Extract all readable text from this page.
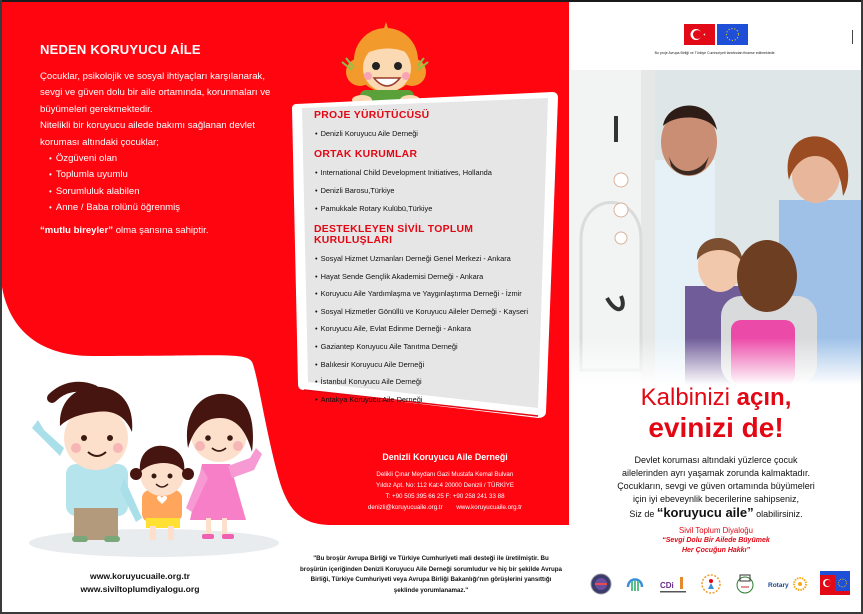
NEDEN KORUYUCU AİLE

Çocuklar, psikolojik ve sosyal ihtiyaçları karşılanarak, sevgi ve güven dolu bir aile ortamında, korunmaları ve büyümeleri gerekmektedir.

Nitelikli bir koruyucu ailede bakımı sağlanan devlet koruması altındaki çocuklar;

• Özgüveni olan
• Toplumla uyumlu
• Sorumluluk alabilen
• Anne / Baba rolünü öğrenmiş

“mutlu bireyler” olma şansına sahiptir.

www.koruyucuaile.org.tr
www.siviltoplumdiyalogu.org
PROJE YÜRÜTÜCÜSÜ
• Denizli Koruyucu Aile Derneği
ORTAK KURUMLAR
• International Child Development Initiatives, Hollanda
• Denizli Barosu,Türkiye
• Pamukkale Rotary Kulübü,Türkiye
DESTEKLEYEN SİVİL TOPLUM KURULUŞLARI
• Sosyal Hizmet Uzmanları Derneği Genel Merkezi - Ankara
• Hayat Sende Gençlik Akademisi Derneği - Ankara
• Koruyucu Aile Yardımlaşma ve Yaygınlaştırma Derneği - İzmir
• Sosyal Hizmetler Gönüllü ve Koruyucu Aileler Derneği - Kayseri
• Koruyucu Aile, Evlat Edinme Derneği - Ankara
• Gaziantep Koruyucu Aile Tanıtma Derneği
• Balıkesir Koruyucu Aile Derneği
• İstanbul Koruyucu Aile Derneği
• Antakya Koruyucu Aile Derneği
Denizli Koruyucu Aile Derneği
Delikli Çınar Meydanı Gazi Mustafa Kemal Bulvarı
Yıldız Apt. No: 112 Kat:4 20000 Denizli / TÜRKİYE
T: +90 505 395 66 25 F: +90 258 241 33 88
denizli@koruyucuaile.org.tr www.koruyucuaile.org.tr
"Bu broşür Avrupa Birliği ve Türkiye Cumhuriyeti mali desteği ile üretilmiştir. Bu broşürün içeriğinden Denizli Koruyucu Aile Derneği sorumludur ve hiç bir şekilde Avrupa Birliği, Türkiye Cumhuriyeti veya Avrupa Birliği Bakanlığı'nın görüşlerini yansıttığı şeklinde yorumlanamaz."
Bu proje Avrupa Birliği ve Türkiye Cumhuriyeti tarafından finanse edilmektedir.
Kalbinizi açın,
evinizi de!
Devlet koruması altındaki yüzlerce çocuk
ailelerinden ayrı yaşamak zorunda kalmaktadır.
Çocukların, sevgi ve güven ortamında büyümeleri
için iyi ebeveynlik becerilerine sahipseniz,
Siz de “koruyucu aile” olabilirsiniz.
Sivil Toplum Diyaloğu
“Sevgi Dolu Bir Ailede Büyümek
Her Çocuğun Hakkı”
CDi	Rotary
